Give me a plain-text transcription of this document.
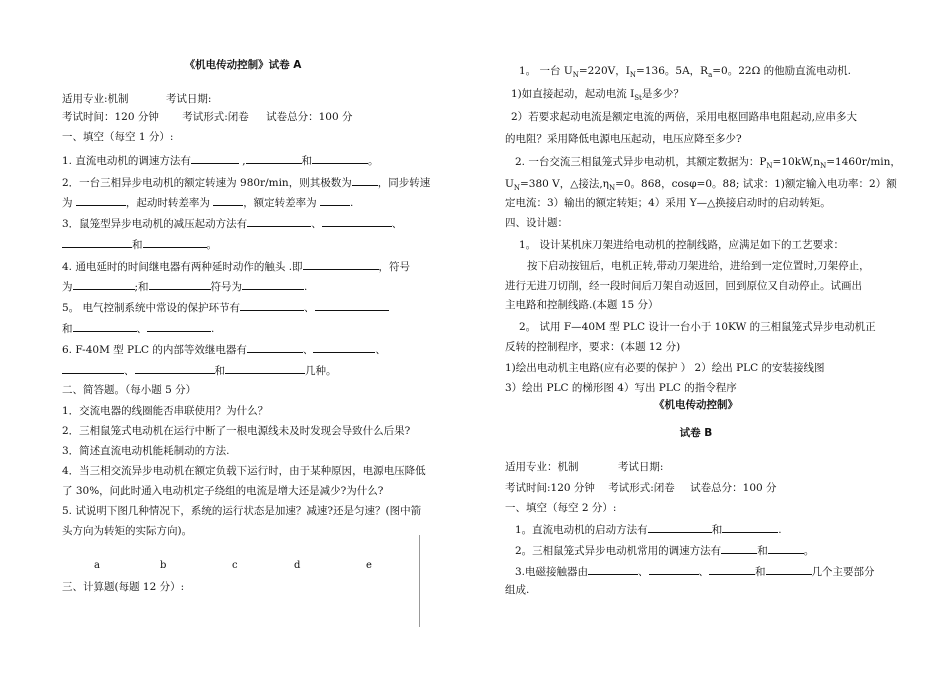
《机电传动控制》试卷 A
适用专业:机制	考试日期:
考试时间：120 分钟 考试形式:闭卷 试卷总分：100 分
一、填空（每空 1 分）:
1. 直流电动机的调速方法有	,	和	。
2．一台三相异步电动机的额定转速为 980r/min，则其极数为 ，同步转速
为	，起动时转差率为	，额定转差率为	.
3．鼠笼型异步电动机的减压起动方法有	、	、
和	。
4. 通电延时的时间继电器有两种延时动作的触头 .即	，符号
为	;和	符号为	.
5。 电气控制系统中常设的保护环节有	、
和	、	.
6. F-40M 型 PLC 的内部等效继电器有	、	、
、	和	几种。
二、简答题。（每小题 5 分）
1．交流电器的线圈能否串联使用？为什么？
2．三相鼠笼式电动机在运行中断了一根电源线未及时发现会导致什么后果?
3．简述直流电动机能耗制动的方法.
4．当三相交流异步电动机在额定负载下运行时，由于某种原因，电源电压降低
了 30%，问此时通入电动机定子绕组的电流是增大还是减少?为什么?
5. 试说明下图几种情况下，系统的运行状态是加速？减速?还是匀速？(图中箭
头方向为转矩的实际方向)。
三、计算题(每题 12 分）:
a	b	c	d	e
1。 一台 $U_N=220V$，$I_N=136$。5A，$R_a=0$。22Ω 的他励直流电动机.
1)如直接起动，起动电流 $I_{St}$是多少？
2）若要求起动电流是额定电流的两倍，采用电枢回路串电阻起动,应串多大
的电阻？采用降低电源电压起动，电压应降至多少?
2. 一台交流三相鼠笼式异步电动机，其额定数据为：$P_N=10kW,n_N=1460r/\min$，
$U_N=380$ V，△接法$,\eta_N=0$。868，cosφ=0。88; 试求：1)额定输入电功率：2）额
定电流：3）输出的额定转矩；4）采用 Y—△换接启动时的启动转矩。
四、设计题：
1。 设计某机床刀架进给电动机的控制线路，应满足如下的工艺要求：
按下启动按钮后，电机正转,带动刀架进给，进给到一定位置时,刀架停止，
进行无进刀切削，经一段时间后刀架自动返回，回到原位又自动停止。试画出
主电路和控制线路.(本题 15 分）
2。 试用 F—40M 型 PLC 设计一台小于 10KW 的三相鼠笼式异步电动机正
反转的控制程序，要求：(本题 12 分)
1)绘出电动机主电路(应有必要的保护 ） 2）绘出 PLC 的安装接线图
3）绘出 PLC 的梯形图 4）写出 PLC 的指令程序
《机电传动控制》
试卷 B
适用专业：机制	考试日期:
考试时间:120 分钟 考试形式:闭卷 试卷总分：100 分
一、填空（每空 2 分）:
1。直流电动机的启动方法有	和	.
2。三相鼠笼式异步电动机常用的调速方法有	和	。
3.电磁接触器由	、	、	和	几个主要部分
组成.
